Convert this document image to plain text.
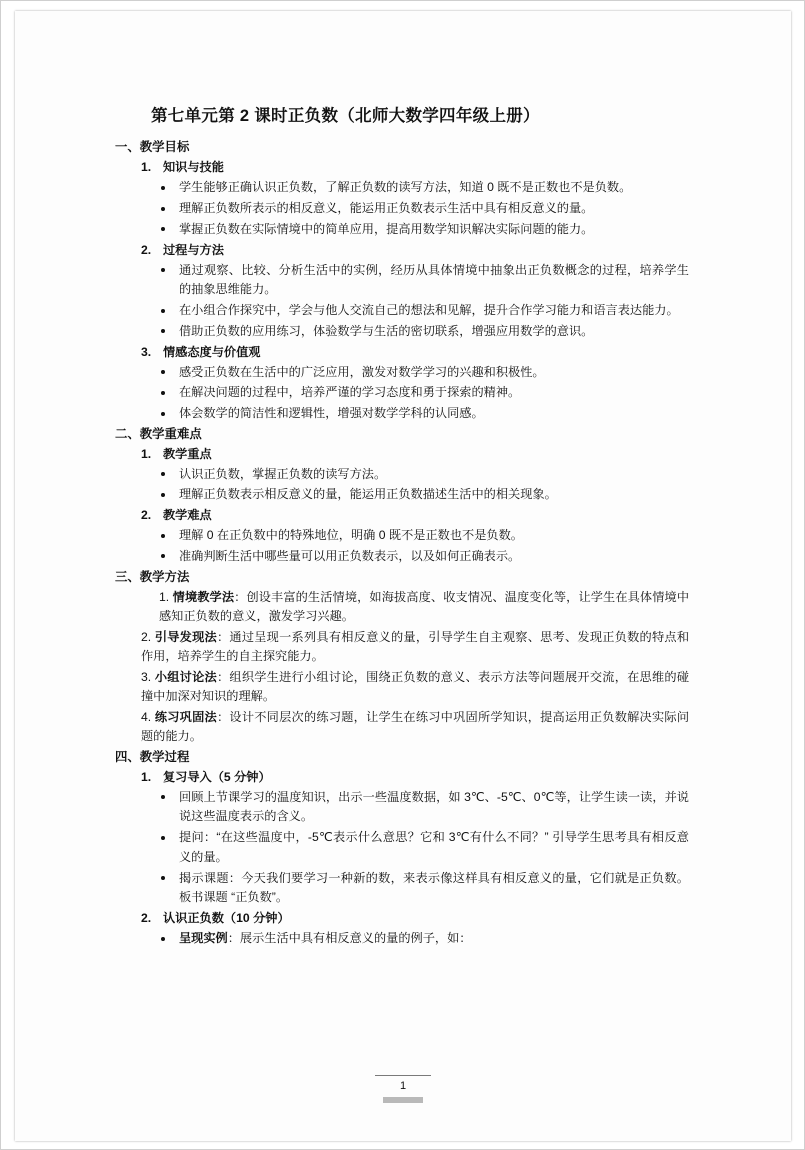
第七单元第 2 课时正负数（北师大数学四年级上册）
一、教学目标
1. 知识与技能
学生能够正确认识正负数，了解正负数的读写方法，知道 0 既不是正数也不是负数。
理解正负数所表示的相反意义，能运用正负数表示生活中具有相反意义的量。
掌握正负数在实际情境中的简单应用，提高用数学知识解决实际问题的能力。
2. 过程与方法
通过观察、比较、分析生活中的实例，经历从具体情境中抽象出正负数概念的过程，培养学生的抽象思维能力。
在小组合作探究中，学会与他人交流自己的想法和见解，提升合作学习能力和语言表达能力。
借助正负数的应用练习，体验数学与生活的密切联系，增强应用数学的意识。
3. 情感态度与价值观
感受正负数在生活中的广泛应用，激发对数学学习的兴趣和积极性。
在解决问题的过程中，培养严谨的学习态度和勇于探索的精神。
体会数学的简洁性和逻辑性，增强对数学学科的认同感。
二、教学重难点
1. 教学重点
认识正负数，掌握正负数的读写方法。
理解正负数表示相反意义的量，能运用正负数描述生活中的相关现象。
2. 教学难点
理解 0 在正负数中的特殊地位，明确 0 既不是正数也不是负数。
准确判断生活中哪些量可以用正负数表示，以及如何正确表示。
三、教学方法
1. 情境教学法：创设丰富的生活情境，如海拔高度、收支情况、温度变化等，让学生在具体情境中感知正负数的意义，激发学习兴趣。
2. 引导发现法：通过呈现一系列具有相反意义的量，引导学生自主观察、思考、发现正负数的特点和作用，培养学生的自主探究能力。
3. 小组讨论法：组织学生进行小组讨论，围绕正负数的意义、表示方法等问题展开交流，在思维的碰撞中加深对知识的理解。
4. 练习巩固法：设计不同层次的练习题，让学生在练习中巩固所学知识，提高运用正负数解决实际问题的能力。
四、教学过程
1. 复习导入（5 分钟）
回顾上节课学习的温度知识，出示一些温度数据，如 3℃、-5℃、0℃等，让学生读一读，并说说这些温度表示的含义。
提问：“在这些温度中，-5℃表示什么意思？它和 3℃有什么不同？” 引导学生思考具有相反意义的量。
揭示课题：今天我们要学习一种新的数，来表示像这样具有相反意义的量，它们就是正负数。板书课题 “正负数”。
2. 认识正负数（10 分钟）
呈现实例：展示生活中具有相反意义的量的例子，如：
1
